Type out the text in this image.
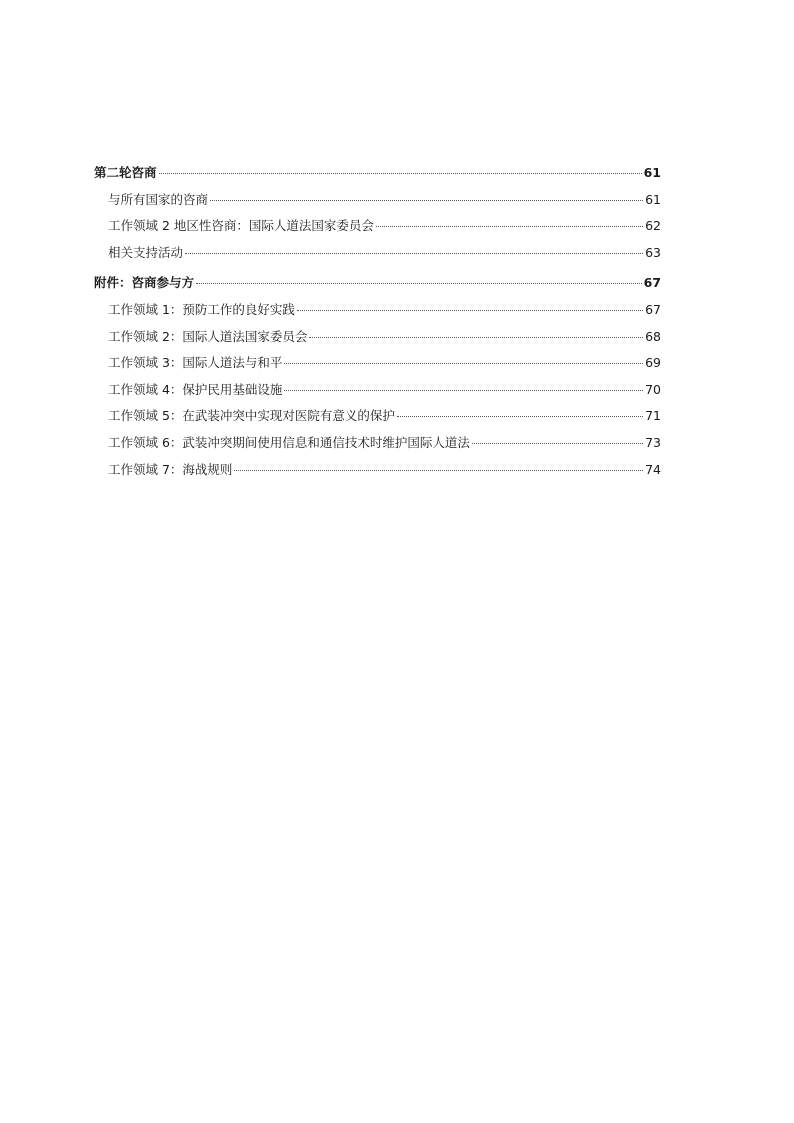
第二轮咨商	61
与所有国家的咨商	61
工作领域 2 地区性咨商：国际人道法国家委员会	62
相关支持活动	63
附件：咨商参与方	67
工作领域 1：预防工作的良好实践	67
工作领域 2：国际人道法国家委员会	68
工作领域 3：国际人道法与和平	69
工作领域 4：保护民用基础设施	70
工作领域 5：在武装冲突中实现对医院有意义的保护	71
工作领域 6：武装冲突期间使用信息和通信技术时维护国际人道法	73
工作领域 7：海战规则	74
